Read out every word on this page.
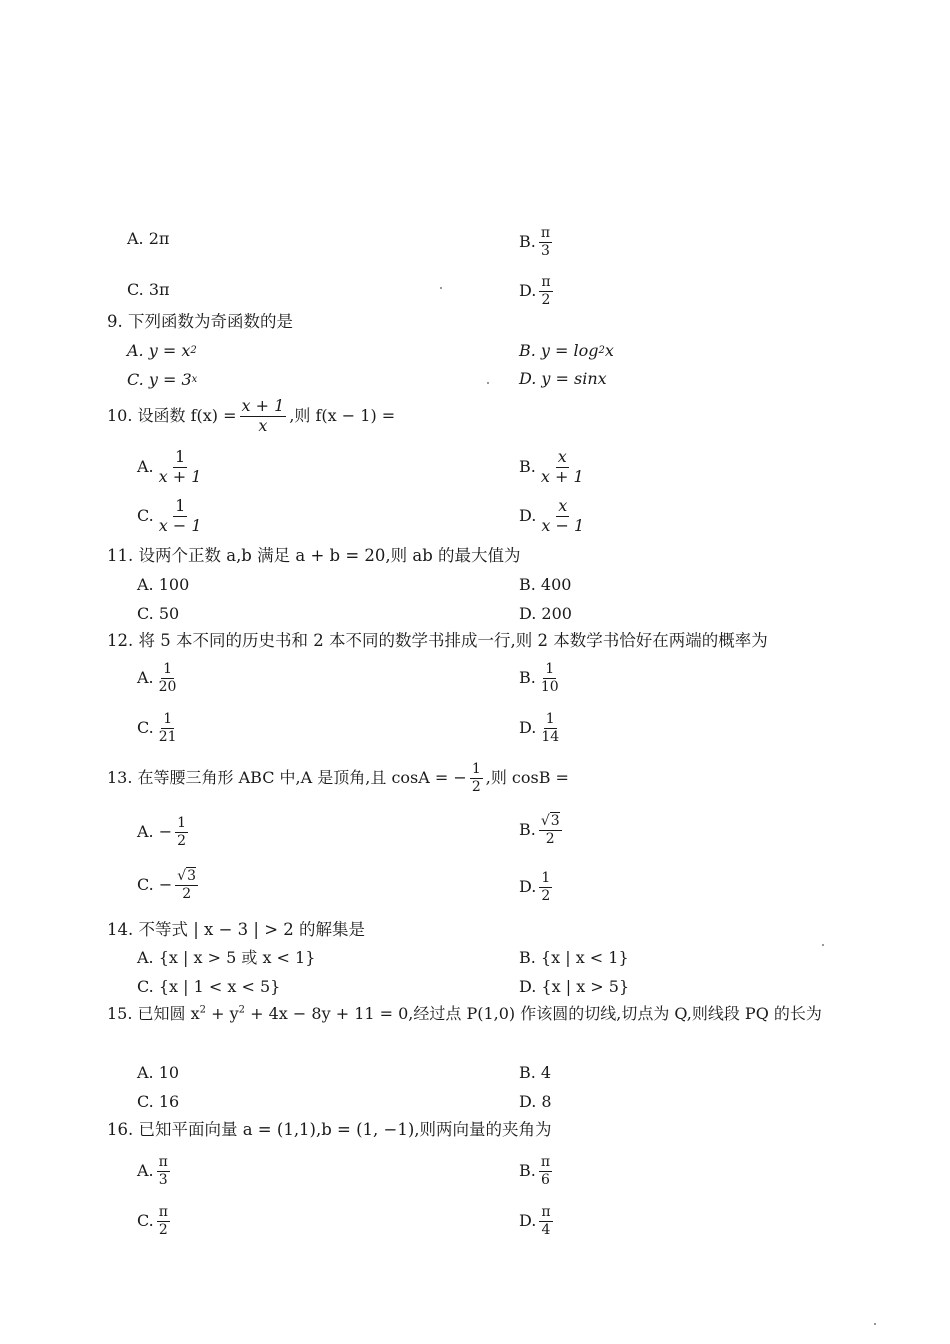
A. 2π	B. $\frac{\pi}{3}$
C. 3π	D. $\frac{\pi}{2}$
9. 下列函数为奇函数的是
A. y = x 2	B. y = log 2 x
C. y = 3 x	D. y = sinx
10. 设函数 $f(x) = \frac{x + 1}{x}$ ,则 f(x − 1) =
A. $\frac{1}{x + 1}$	B. $\frac{x}{x + 1}$
C. $\frac{1}{x - 1}$	D. $\frac{x}{x - 1}$
11. 设两个正数 a,b 满足 a + b = 20,则 ab 的最大值为
A. 100	B. 400
C. 50	D. 200
12. 将 5 本不同的历史书和 2 本不同的数学书排成一行,则 2 本数学书恰好在两端的概率为
A. $\frac{1}{20}$	B. $\frac{1}{10}$
C. $\frac{1}{21}$	D. $\frac{1}{14}$
13. 在等腰三角形 ABC 中,A 是顶角,且 cosA = − $\frac{1}{2}$ ,则 cosB =
A. − $\frac{1}{2}$	B. $\frac{√3}{2}$
C. − $\frac{√3}{2}$	D. $\frac{1}{2}$
14. 不等式 | x − 3 | > 2 的解集是
A. {x | x > 5 或 x < 1}	B. {x | x < 1}
C. {x | 1 < x < 5}	D. {x | x > 5}
15. 已知圆 $x^2 + y^2 + 4x - 8y + 11 = 0$,经过点 P(1,0) 作该圆的切线,切点为 Q,则线段 PQ 的长为
A. 10	B. 4
C. 16	D. 8
16. 已知平面向量 a = (1,1),b = (1, −1),则两向量的夹角为
A. $\frac{\pi}{3}$	B. $\frac{\pi}{6}$
C. $\frac{\pi}{2}$	D. $\frac{\pi}{4}$
